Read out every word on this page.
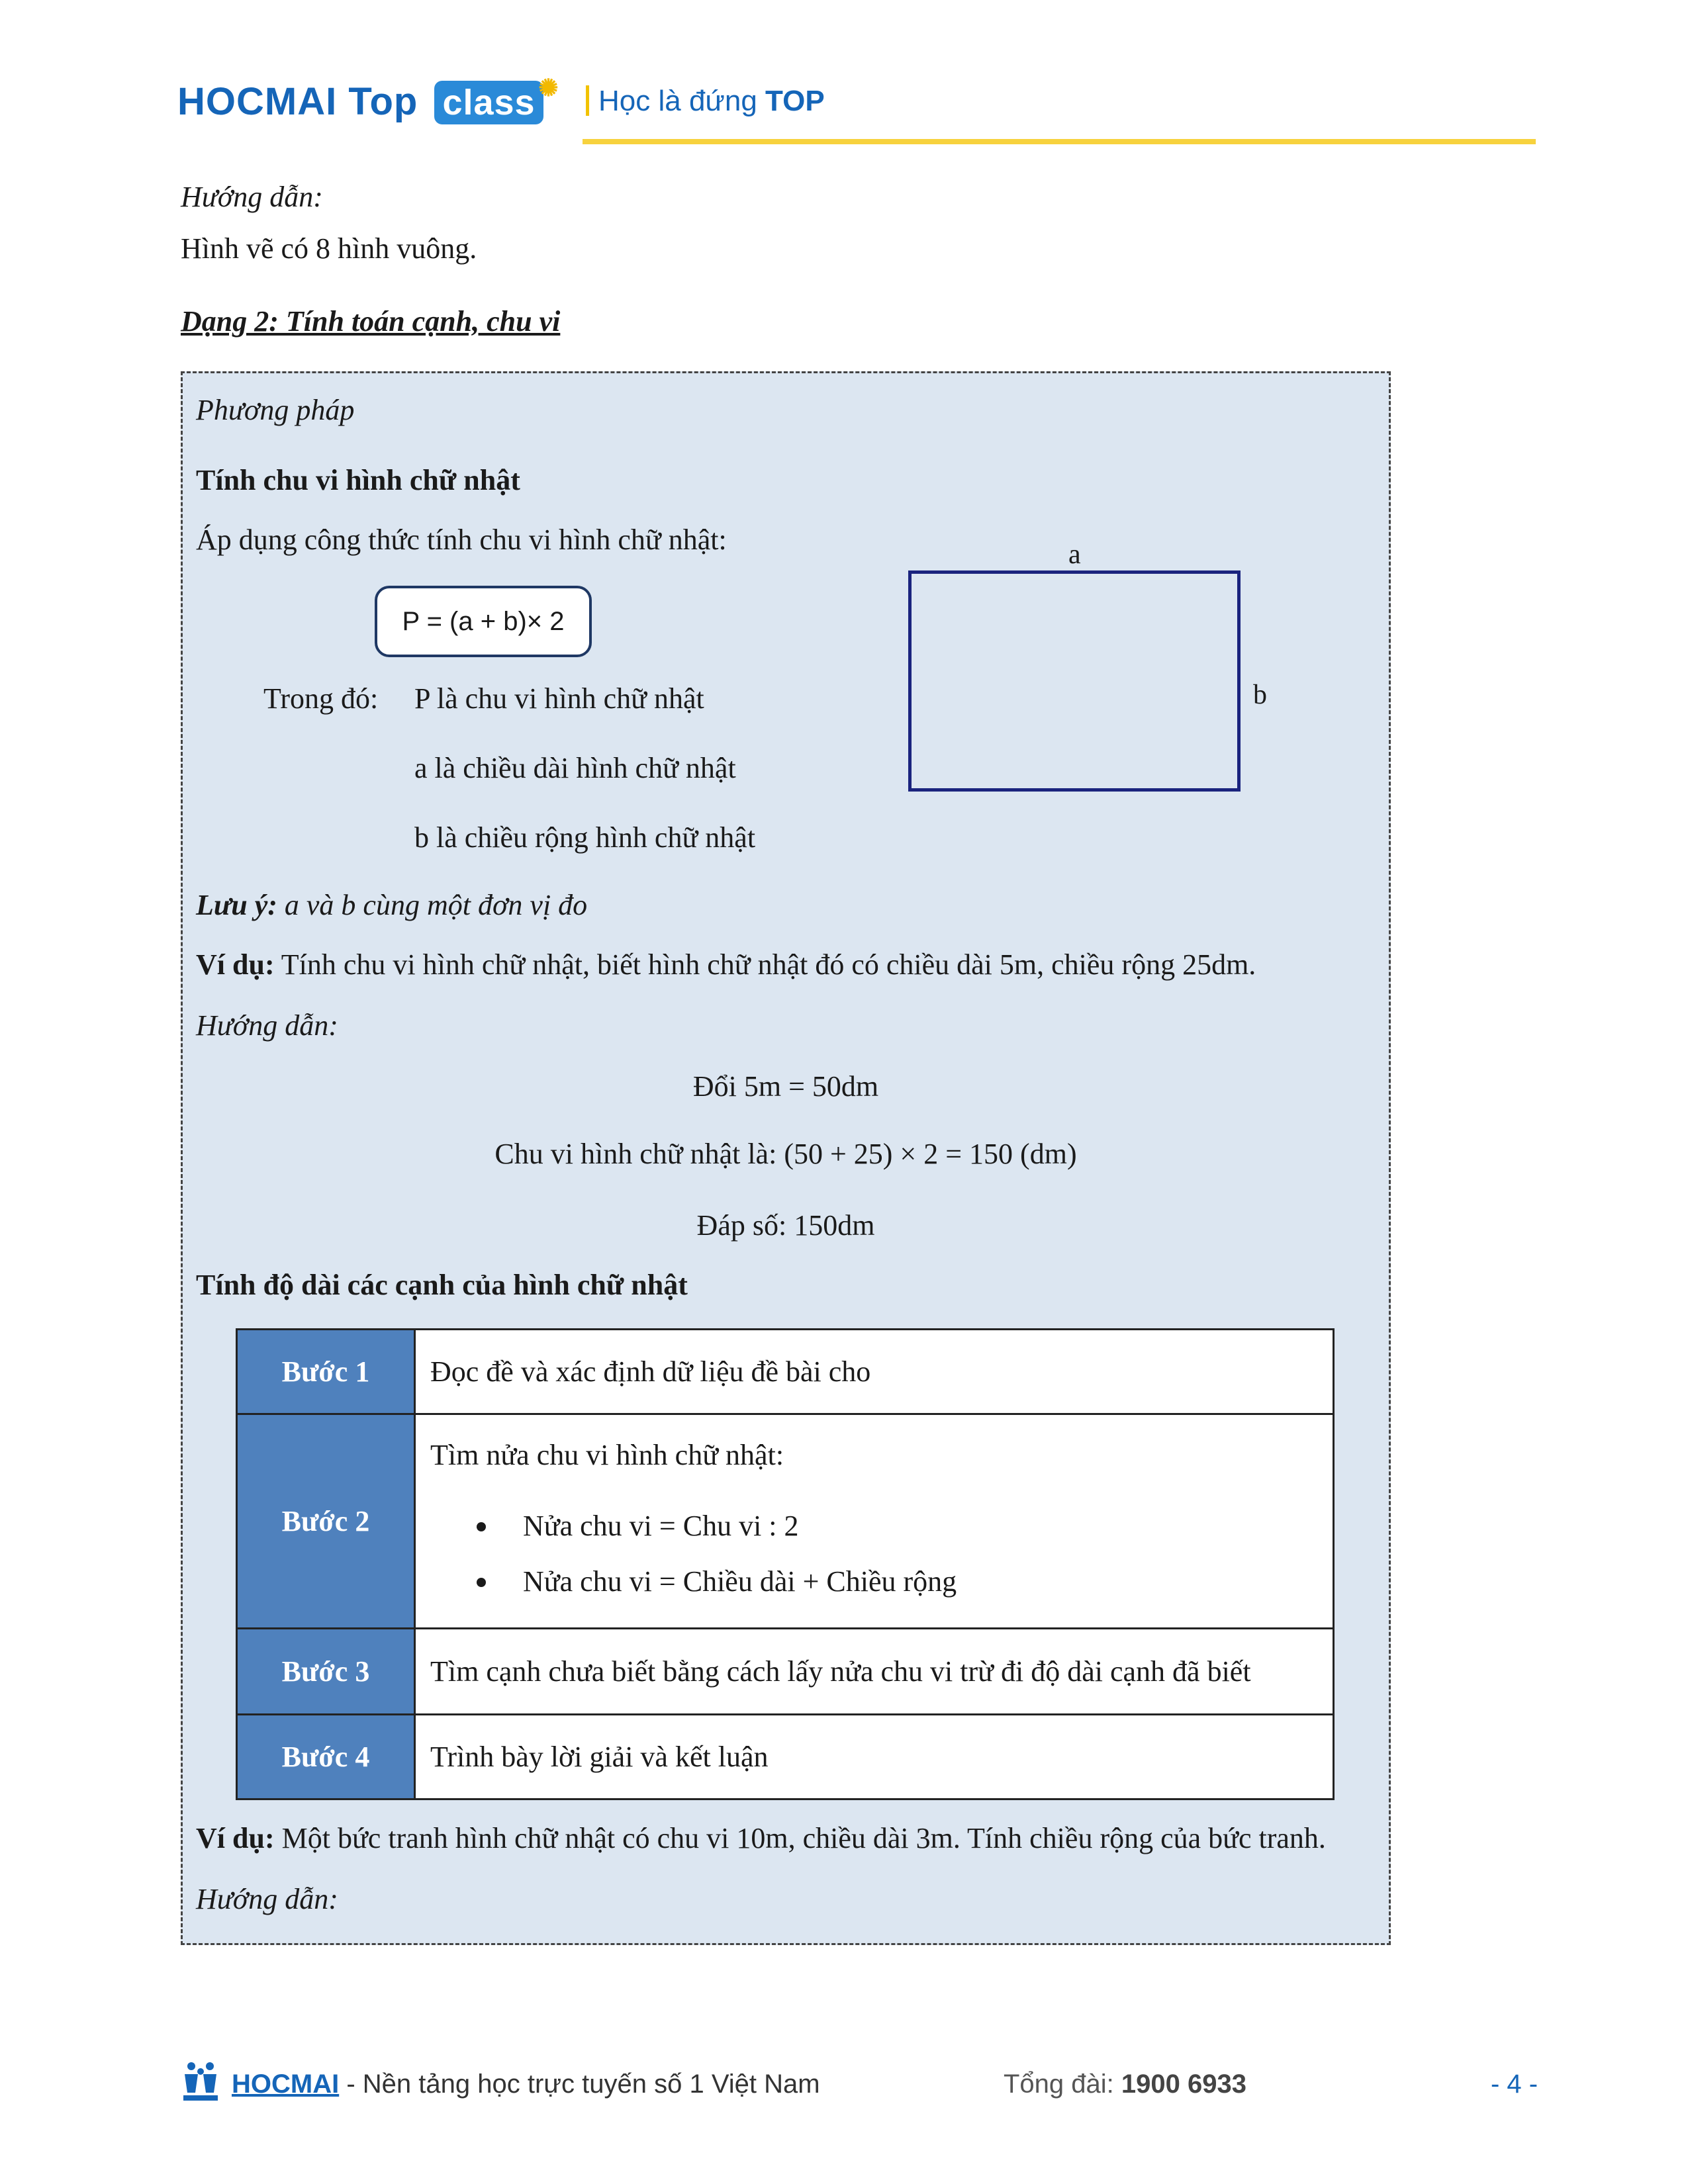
HOCMAI Top class ✺	Học là đứng TOP
Hướng dẫn:
Hình vẽ có 8 hình vuông.
Dạng 2: Tính toán cạnh, chu vi
Phương pháp
Tính chu vi hình chữ nhật
Áp dụng công thức tính chu vi hình chữ nhật:
P = (a + b)× 2
Trong đó: P là chu vi hình chữ nhật
a là chiều dài hình chữ nhật
b là chiều rộng hình chữ nhật
a
b
Lưu ý: a và b cùng một đơn vị đo
Ví dụ: Tính chu vi hình chữ nhật, biết hình chữ nhật đó có chiều dài 5m, chiều rộng 25dm.
Hướng dẫn:
Đổi 5m = 50dm
Chu vi hình chữ nhật là: (50 + 25) × 2 = 150 (dm)
Đáp số: 150dm
Tính độ dài các cạnh của hình chữ nhật
Bước 1	Đọc đề và xác định dữ liệu đề bài cho
Bước 2	Tìm nửa chu vi hình chữ nhật:
Nửa chu vi = Chu vi : 2
Nửa chu vi = Chiều dài + Chiều rộng

Bước 3	Tìm cạnh chưa biết bằng cách lấy nửa chu vi trừ đi độ dài cạnh đã biết
Bước 4	Trình bày lời giải và kết luận
Ví dụ: Một bức tranh hình chữ nhật có chu vi 10m, chiều dài 3m. Tính chiều rộng của bức tranh.
Hướng dẫn:
HOCMAI - Nền tảng học trực tuyến số 1 Việt Nam	Tổng đài: 1900 6933	- 4 -
